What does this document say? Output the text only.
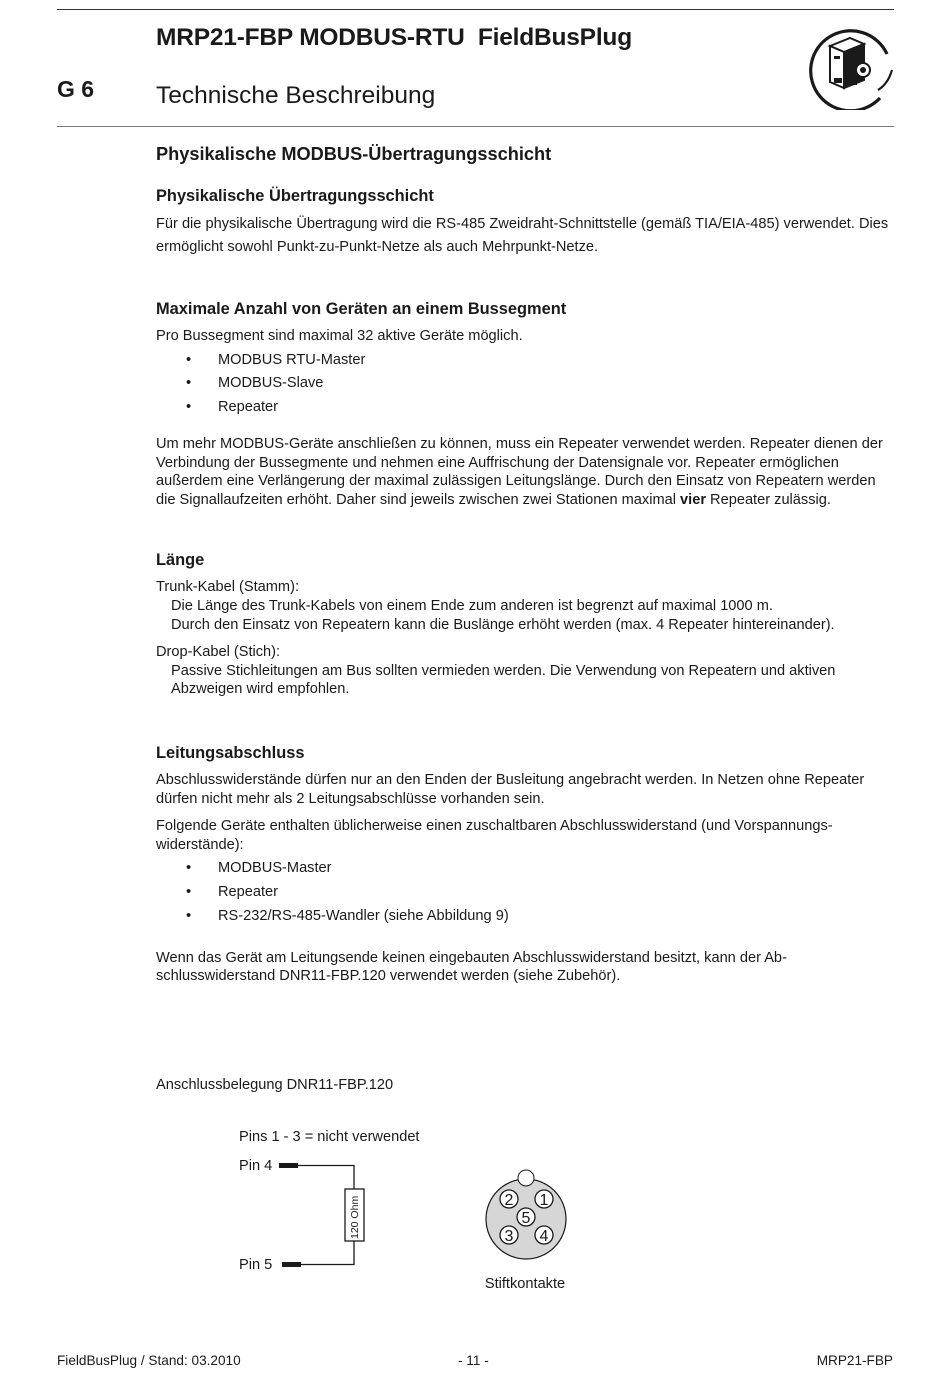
MRP21-FBP MODBUS-RTU  FieldBusPlug
G 6	Technische Beschreibung
Physikalische MODBUS-Übertragungsschicht
Physikalische Übertragungsschicht

Für die physikalische Übertragung wird die RS-485 Zweidraht-Schnittstelle (gemäß TIA/EIA-485) verwendet. Dies ermöglicht sowohl Punkt-zu-Punkt-Netze als auch Mehrpunkt-Netze.

Maximale Anzahl von Geräten an einem Bussegment

Pro Bussegment sind maximal 32 aktive Geräte möglich.

• MODBUS RTU-Master
• MODBUS-Slave
• Repeater

Um mehr MODBUS-Geräte anschließen zu können, muss ein Repeater verwendet werden. Repeater dienen der Verbindung der Bussegmente und nehmen eine Auffrischung der Datensignale vor. Repeater ermöglichen außerdem eine Verlängerung der maximal zulässigen Leitungslänge. Durch den Einsatz von Repeatern werden die Signallaufzeiten erhöht. Daher sind jeweils zwischen zwei Stationen maximal vier Repeater zulässig.

Länge

Trunk-Kabel (Stamm):

Die Länge des Trunk-Kabels von einem Ende zum anderen ist begrenzt auf maximal 1000 m.

Durch den Einsatz von Repeatern kann die Buslänge erhöht werden (max. 4 Repeater hintereinander).

Drop-Kabel (Stich):

Passive Stichleitungen am Bus sollten vermieden werden. Die Verwendung von Repeatern und aktiven Abzweigen wird empfohlen.

Leitungsabschluss

Abschlusswiderstände dürfen nur an den Enden der Busleitung angebracht werden. In Netzen ohne Repeater dürfen nicht mehr als 2 Leitungsabschlüsse vorhanden sein.

Folgende Geräte enthalten üblicherweise einen zuschaltbaren Abschlusswiderstand (und Vorspannungswiderstände):

• MODBUS-Master
• Repeater
• RS-232/RS-485-Wandler (siehe Abbildung 9)

Wenn das Gerät am Leitungsende keinen eingebauten Abschlusswiderstand besitzt, kann der Abschlusswiderstand DNR11-FBP.120 verwendet werden (siehe Zubehör).

Anschlussbelegung DNR11-FBP.120
Pins 1 - 3 = nicht verwendet
Pin 4
Pin 5
120 Ohm	1
2
3 4
5
Stiftkontakte
FieldBusPlug / Stand: 03.2010	- 11 -	MRP21-FBP
